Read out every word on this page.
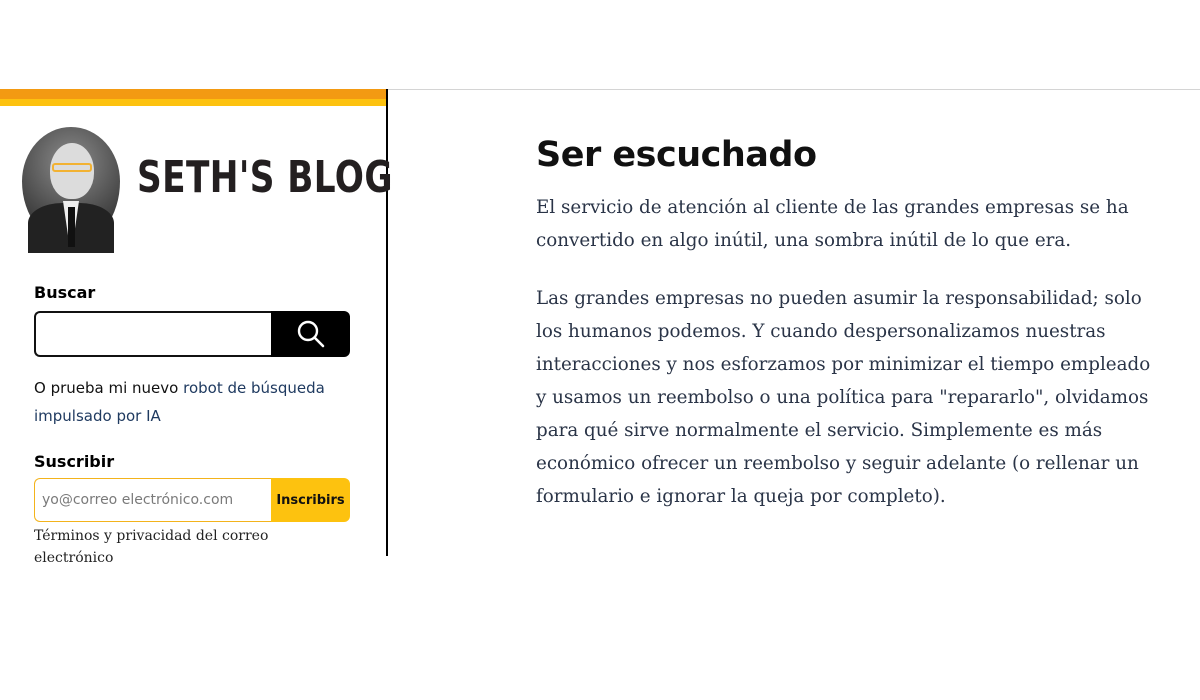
SETH'S BLOG
Buscar
O prueba mi nuevo robot de búsqueda impulsado por IA
Suscribir
yo@correo electrónico.com
Inscribirs
Términos y privacidad del correo electrónico
Ser escuchado

El servicio de atención al cliente de las grandes empresas se ha convertido en algo inútil, una sombra inútil de lo que era.

Las grandes empresas no pueden asumir la responsabilidad; solo los humanos podemos. Y cuando despersonalizamos nuestras interacciones y nos esforzamos por minimizar el tiempo empleado y usamos un reembolso o una política para "repararlo", olvidamos para qué sirve normalmente el servicio. Simplemente es más económico ofrecer un reembolso y seguir adelante (o rellenar un formulario e ignorar la queja por completo).
